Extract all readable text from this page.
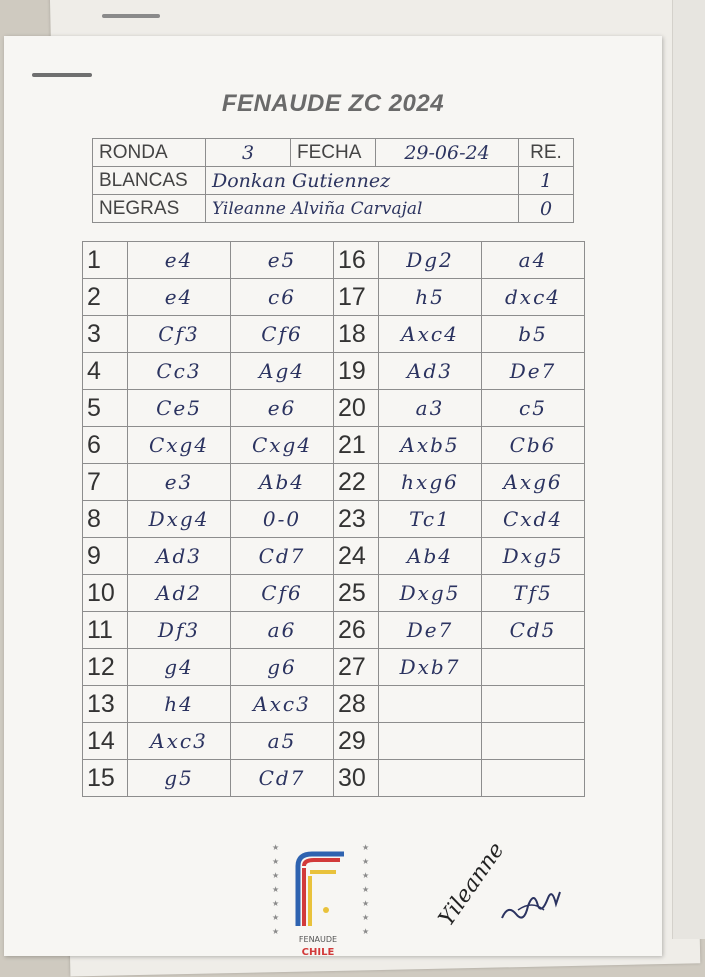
FENAUDE ZC 2024
RONDA	3	FECHA	29-06-24	RE.
BLANCAS	Donkan Gutiennez			1
NEGRAS	Yileanne Alviña Carvajal			0
1	e4	e5	16	Dg2	a4
2	e4	c6	17	h5	dxc4
3	Cf3	Cf6	18	Axc4	b5
4	Cc3	Ag4	19	Ad3	De7
5	Ce5	e6	20	a3	c5
6	Cxg4	Cxg4	21	Axb5	Cb6
7	e3	Ab4	22	hxg6	Axg6
8	Dxg4	0-0	23	Tc1	Cxd4
9	Ad3	Cd7	24	Ab4	Dxg5
10	Ad2	Cf6	25	Dxg5	Tf5
11	Df3	a6	26	De7	Cd5
12	g4	g6	27	Dxb7	
13	h4	Axc3	28		
14	Axc3	a5	29		
15	g5	Cd7	30		
★
★
★
★
★
★
★
★
★
★
★
★
★
★
FENAUDE
CHILE
Yileanne
